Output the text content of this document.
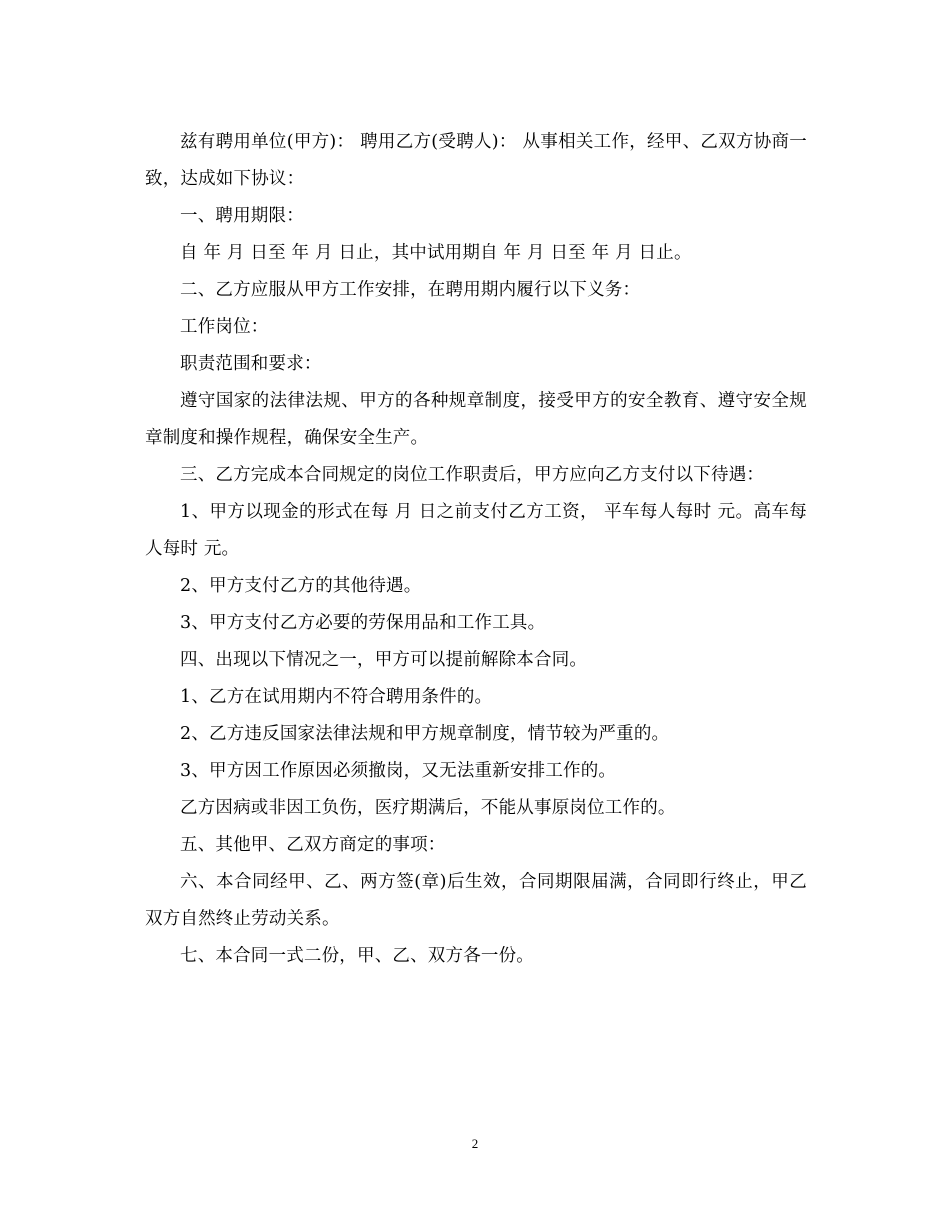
兹有聘用单位(甲方)： 聘用乙方(受聘人)： 从事相关工作，经甲、乙双方协商一致，达成如下协议：

一、聘用期限：

自 年 月 日至 年 月 日止，其中试用期自 年 月 日至 年 月 日止。

二、乙方应服从甲方工作安排，在聘用期内履行以下义务：

工作岗位：

职责范围和要求：

遵守国家的法律法规、甲方的各种规章制度，接受甲方的安全教育、遵守安全规章制度和操作规程，确保安全生产。

三、乙方完成本合同规定的岗位工作职责后，甲方应向乙方支付以下待遇：

1、甲方以现金的形式在每 月 日之前支付乙方工资， 平车每人每时 元。高车每人每时 元。

2、甲方支付乙方的其他待遇。

3、甲方支付乙方必要的劳保用品和工作工具。

四、出现以下情况之一，甲方可以提前解除本合同。

1、乙方在试用期内不符合聘用条件的。

2、乙方违反国家法律法规和甲方规章制度，情节较为严重的。

3、甲方因工作原因必须撤岗，又无法重新安排工作的。

乙方因病或非因工负伤，医疗期满后，不能从事原岗位工作的。

五、其他甲、乙双方商定的事项：

六、本合同经甲、乙、两方签(章)后生效，合同期限届满，合同即行终止，甲乙双方自然终止劳动关系。

七、本合同一式二份，甲、乙、双方各一份。

2
